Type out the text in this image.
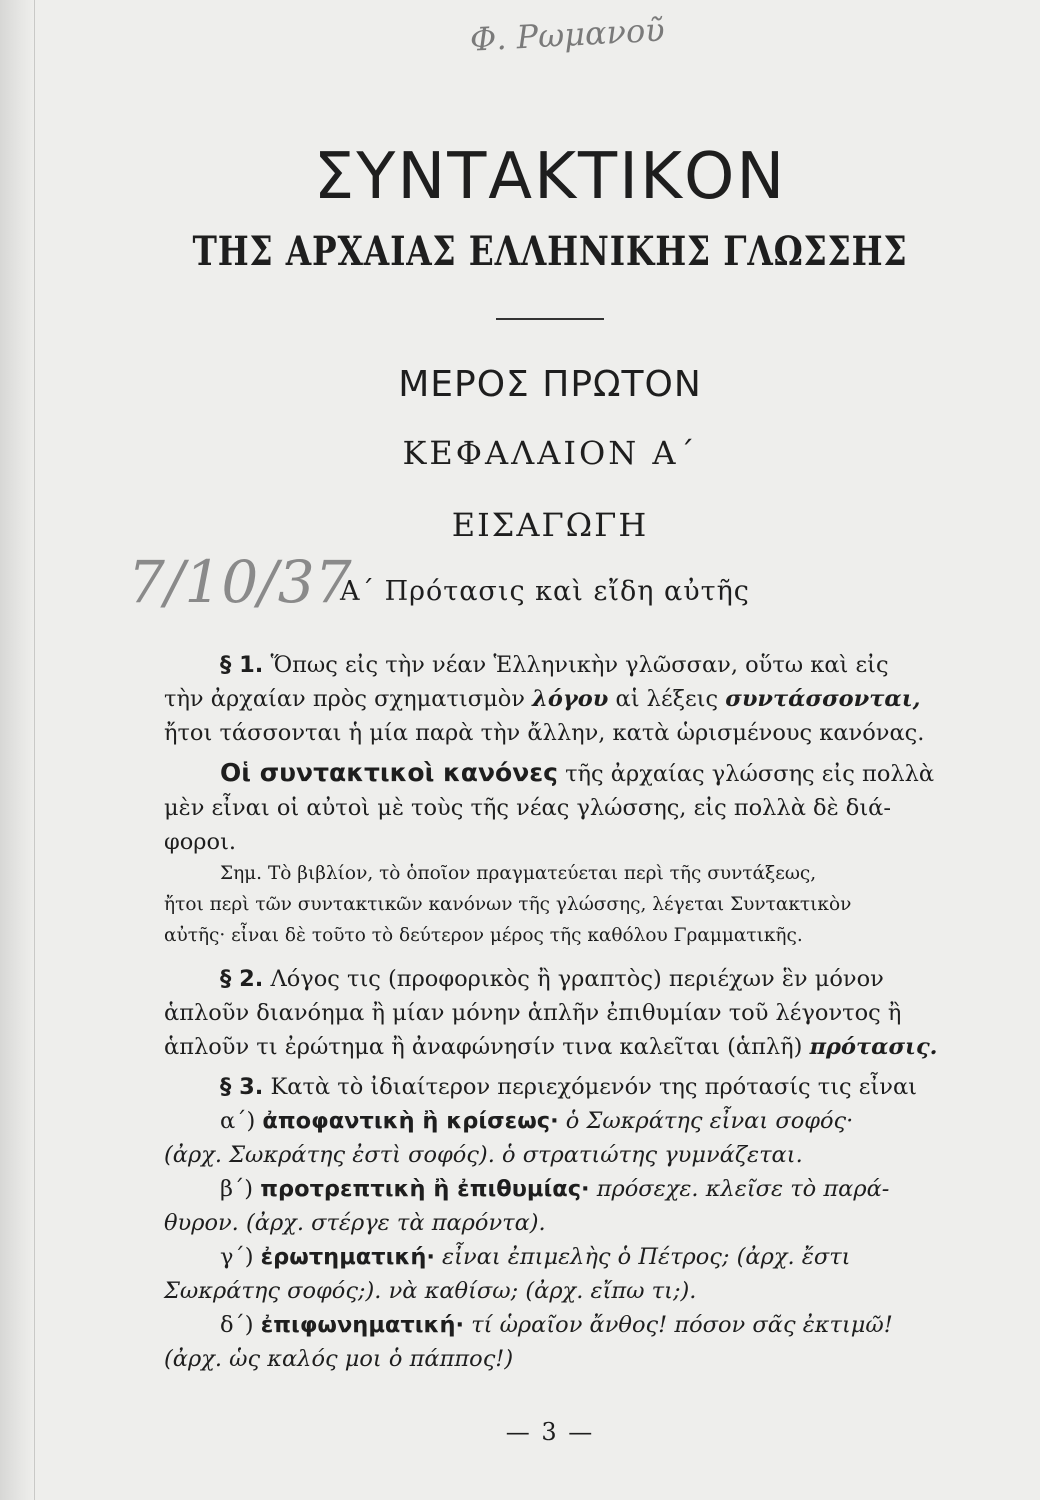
Φ. Ρωμανοῦ
7/10/37
ΣΥΝΤΑΚΤΙΚΟΝ
ΤΗΣ ΑΡΧΑΙΑΣ ΕΛΛΗΝΙΚΗΣ ΓΛΩΣΣΗΣ
ΜΕΡΟΣ ΠΡΩΤΟΝ
ΚΕΦΑΛΑΙΟΝ Α΄
ΕΙΣΑΓΩΓΗ
Α΄ Πρότασις καὶ εἴδη αὐτῆς
§ 1. Ὅπως εἰς τὴν νέαν Ἑλληνικὴν γλῶσσαν, οὕτω καὶ εἰς
τὴν ἀρχαίαν πρὸς σχηματισμὸν λόγου αἱ λέξεις συντάσσονται,
ἤτοι τάσσονται ἡ μία παρὰ τὴν ἄλλην, κατὰ ὡρισμένους κανόνας.
Οἱ συντακτικοὶ κανόνες τῆς ἀρχαίας γλώσσης εἰς πολλὰ
μὲν εἶναι οἱ αὐτοὶ μὲ τοὺς τῆς νέας γλώσσης, εἰς πολλὰ δὲ διά-
φοροι.
Σημ. Τὸ βιβλίον, τὸ ὁποῖον πραγματεύεται περὶ τῆς συντάξεως,
ἤτοι περὶ τῶν συντακτικῶν κανόνων τῆς γλώσσης, λέγεται Συντακτικὸν
αὐτῆς· εἶναι δὲ τοῦτο τὸ δεύτερον μέρος τῆς καθόλου Γραμματικῆς.
§ 2. Λόγος τις (προφορικὸς ἢ γραπτὸς) περιέχων ἓν μόνον
ἁπλοῦν διανόημα ἢ μίαν μόνην ἁπλῆν ἐπιθυμίαν τοῦ λέγοντος ἢ
ἁπλοῦν τι ἐρώτημα ἢ ἀναφώνησίν τινα καλεῖται (ἁπλῆ) πρότασις.
§ 3. Κατὰ τὸ ἰδιαίτερον περιεχόμενόν της πρότασίς τις εἶναι
α΄) ἀποφαντικὴ ἢ κρίσεως· ὁ Σωκράτης εἶναι σοφός·
(ἀρχ. Σωκράτης ἐστὶ σοφός). ὁ στρατιώτης γυμνάζεται.
β΄) προτρεπτικὴ ἢ ἐπιθυμίας· πρόσεχε. κλεῖσε τὸ παρά-
θυρον. (ἀρχ. στέργε τὰ παρόντα).
γ΄) ἐρωτηματική· εἶναι ἐπιμελὴς ὁ Πέτρος; (ἀρχ. ἔστι
Σωκράτης σοφός;). νὰ καθίσω; (ἀρχ. εἴπω τι;).
δ΄) ἐπιφωνηματική· τί ὡραῖον ἄνθος! πόσον σᾶς ἐκτιμῶ!
(ἀρχ. ὡς καλός μοι ὁ πάππος!)
— 3 —
